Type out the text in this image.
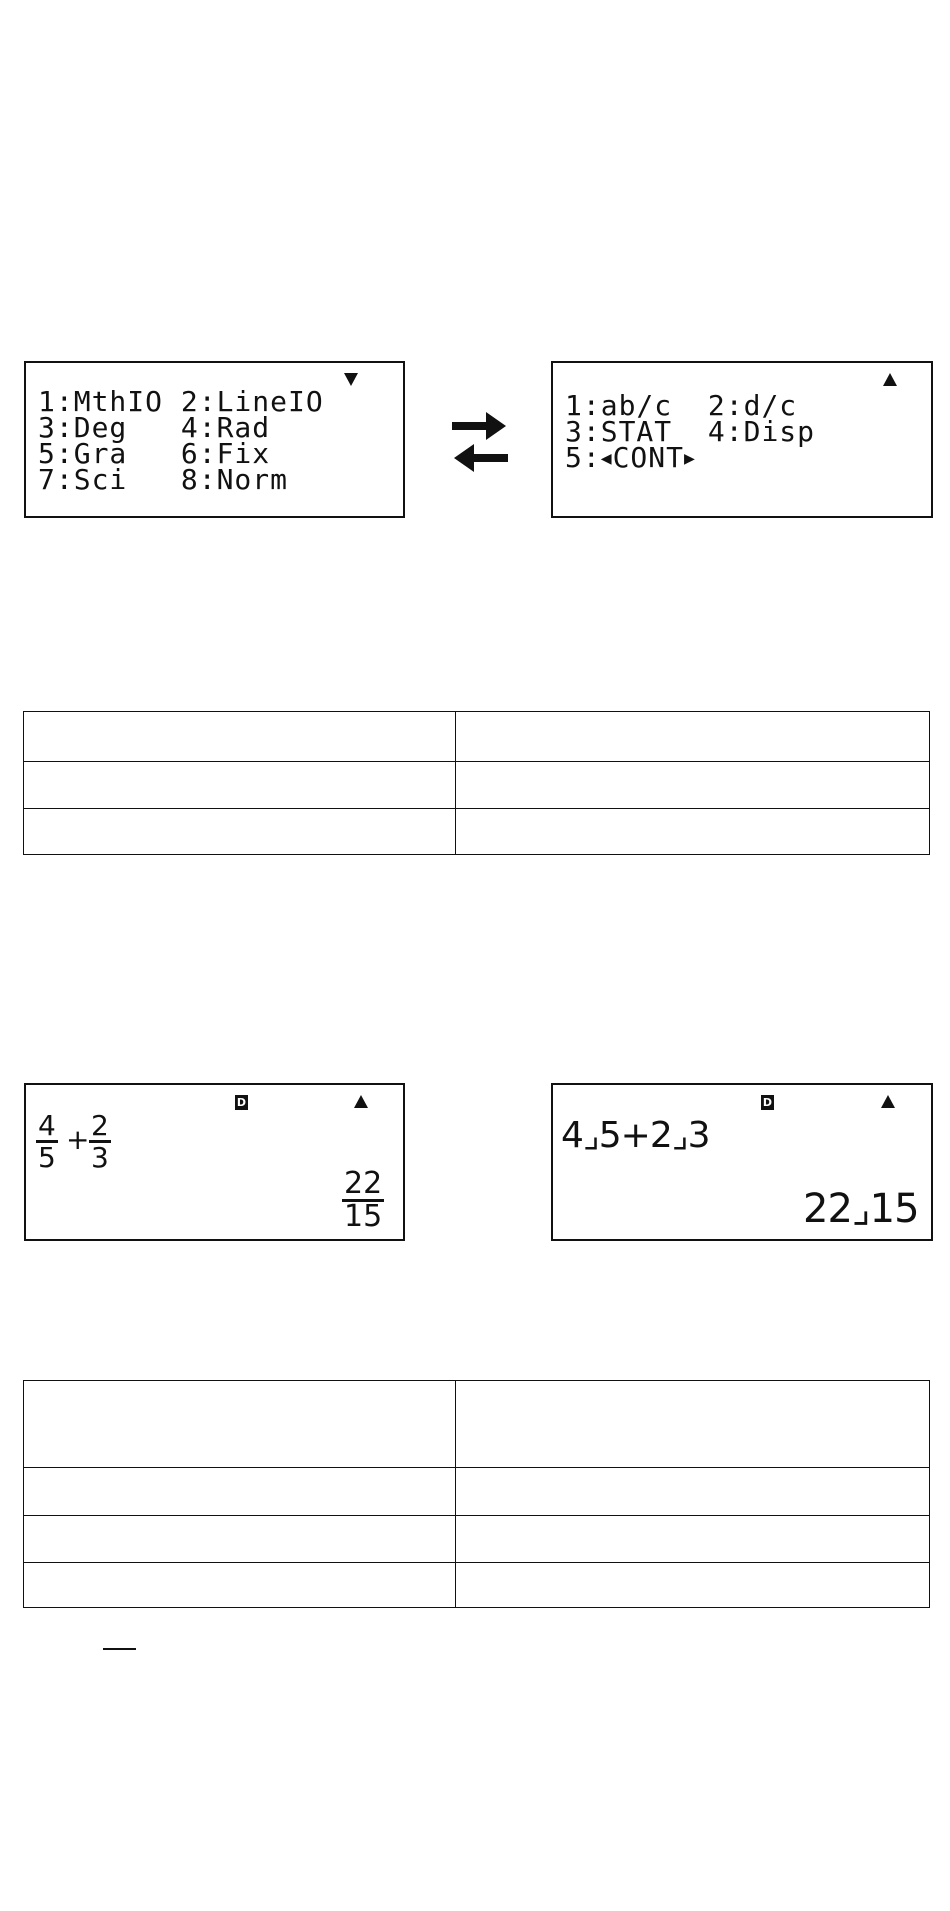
1:MthIO 2:LineIO
3:Deg   4:Rad
5:Gra   6:Fix
7:Sci   8:Norm
1:ab/c 2:d/c
3:STAT 4:Disp
5:◀CONT▶

D
$\frac{4}{5} + \frac{2}{3}$
$\frac{22}{15}$
D
4⌟5+2⌟3
22⌟15
